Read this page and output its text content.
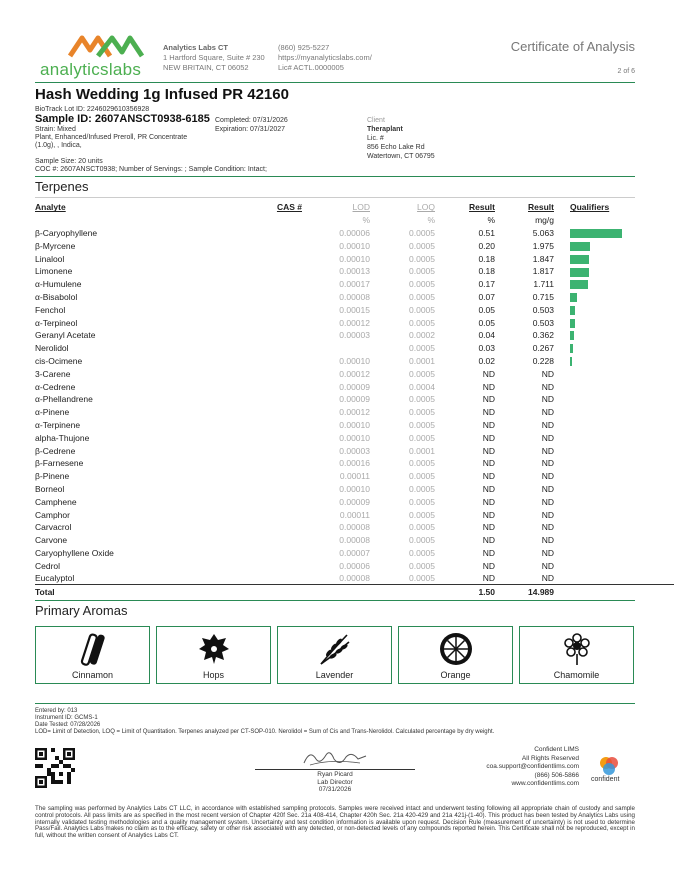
analyticslabs
Analytics Labs CT
1 Hartford Square, Suite # 230
NEW BRITAIN, CT 06052
(860) 925-5227
https://myanalyticslabs.com/
Lic# ACTL.0000005
Certificate of Analysis
2 of 6
Hash Wedding 1g Infused PR 42160
BioTrack Lot ID: 2246029610356928
Sample ID: 2607ANSCT0938-6185 Completed: 07/31/2026
Expiration: 07/31/2027
Strain: Mixed
Plant, Enhanced/Infused Preroll, PR Concentrate
(1.0g), , Indica,
Sample Size: 20 units
COC #: 2607ANSCT0938; Number of Servings: ; Sample Condition: Intact;
Client
Theraplant
Lic. #
856 Echo Lake Rd
Watertown, CT 06795
Terpenes
Analyte	CAS #	LOD	LOQ	Result	Result	Qualifiers
		%	%	%	mg/g	
β-Caryophyllene		0.00006	0.0005	0.51	5.063	
β-Myrcene		0.00010	0.0005	0.20	1.975	
Linalool		0.00010	0.0005	0.18	1.847	
Limonene		0.00013	0.0005	0.18	1.817	
α-Humulene		0.00017	0.0005	0.17	1.711	
α-Bisabolol		0.00008	0.0005	0.07	0.715	
Fenchol		0.00015	0.0005	0.05	0.503	
α-Terpineol		0.00012	0.0005	0.05	0.503	
Geranyl Acetate		0.00003	0.0002	0.04	0.362	
Nerolidol			0.0005	0.03	0.267	
cis-Ocimene		0.00010	0.0001	0.02	0.228	
3-Carene		0.00012	0.0005	ND	ND	
α-Cedrene		0.00009	0.0004	ND	ND	
α-Phellandrene		0.00009	0.0005	ND	ND	
α-Pinene		0.00012	0.0005	ND	ND	
α-Terpinene		0.00010	0.0005	ND	ND	
alpha-Thujone		0.00010	0.0005	ND	ND	
β-Cedrene		0.00003	0.0001	ND	ND	
β-Farnesene		0.00016	0.0005	ND	ND	
β-Pinene		0.00011	0.0005	ND	ND	
Borneol		0.00010	0.0005	ND	ND	
Camphene		0.00009	0.0005	ND	ND	
Camphor		0.00011	0.0005	ND	ND	
Carvacrol		0.00008	0.0005	ND	ND	
Carvone		0.00008	0.0005	ND	ND	
Caryophyllene Oxide		0.00007	0.0005	ND	ND	
Cedrol		0.00006	0.0005	ND	ND	
Eucalyptol		0.00008	0.0005	ND	ND	
Total				1.50	14.989	
Primary Aromas
Cinnamon	Hops	Lavender	Orange	Chamomile
Entered by: 013
Instrument ID: GCMS-1
Date Tested: 07/28/2026
LOD= Limit of Detection, LOQ = Limit of Quantitation. Terpenes analyzed per CT-SOP-010. Nerolidol = Sum of Cis and Trans-Nerolidol. Calculated percentage by dry weight.
Ryan Picard
Lab Director
07/31/2026
Confident LIMS
All Rights Reserved
coa.support@confidentlims.com
(866) 506-5866
www.confidentlims.com
confident
The sampling was performed by Analytics Labs CT LLC, in accordance with established sampling protocols. Samples were received intact and underwent testing following all appropriate chain of custody and sample control protocols. All pass limits are as specified in the most recent version of Chapter 420f Sec. 21a 408-414, Chapter 420h Sec. 21a 420-429 and 21a 421j-(1-40). This product has been tested by Analytics Labs using internally validated testing methodologies and a quality management system. Uncertainty and test condition information is available upon request. Decision Rule (measurement of uncertainty) is not used to determine Pass/Fail. Analytics Labs makes no claim as to the efficacy, safety or other risk associated with any detected, or non-detected levels of any compounds reported herein. This Certificate shall not be reproduced, except in full, without the written consent of Analytics Labs CT.
